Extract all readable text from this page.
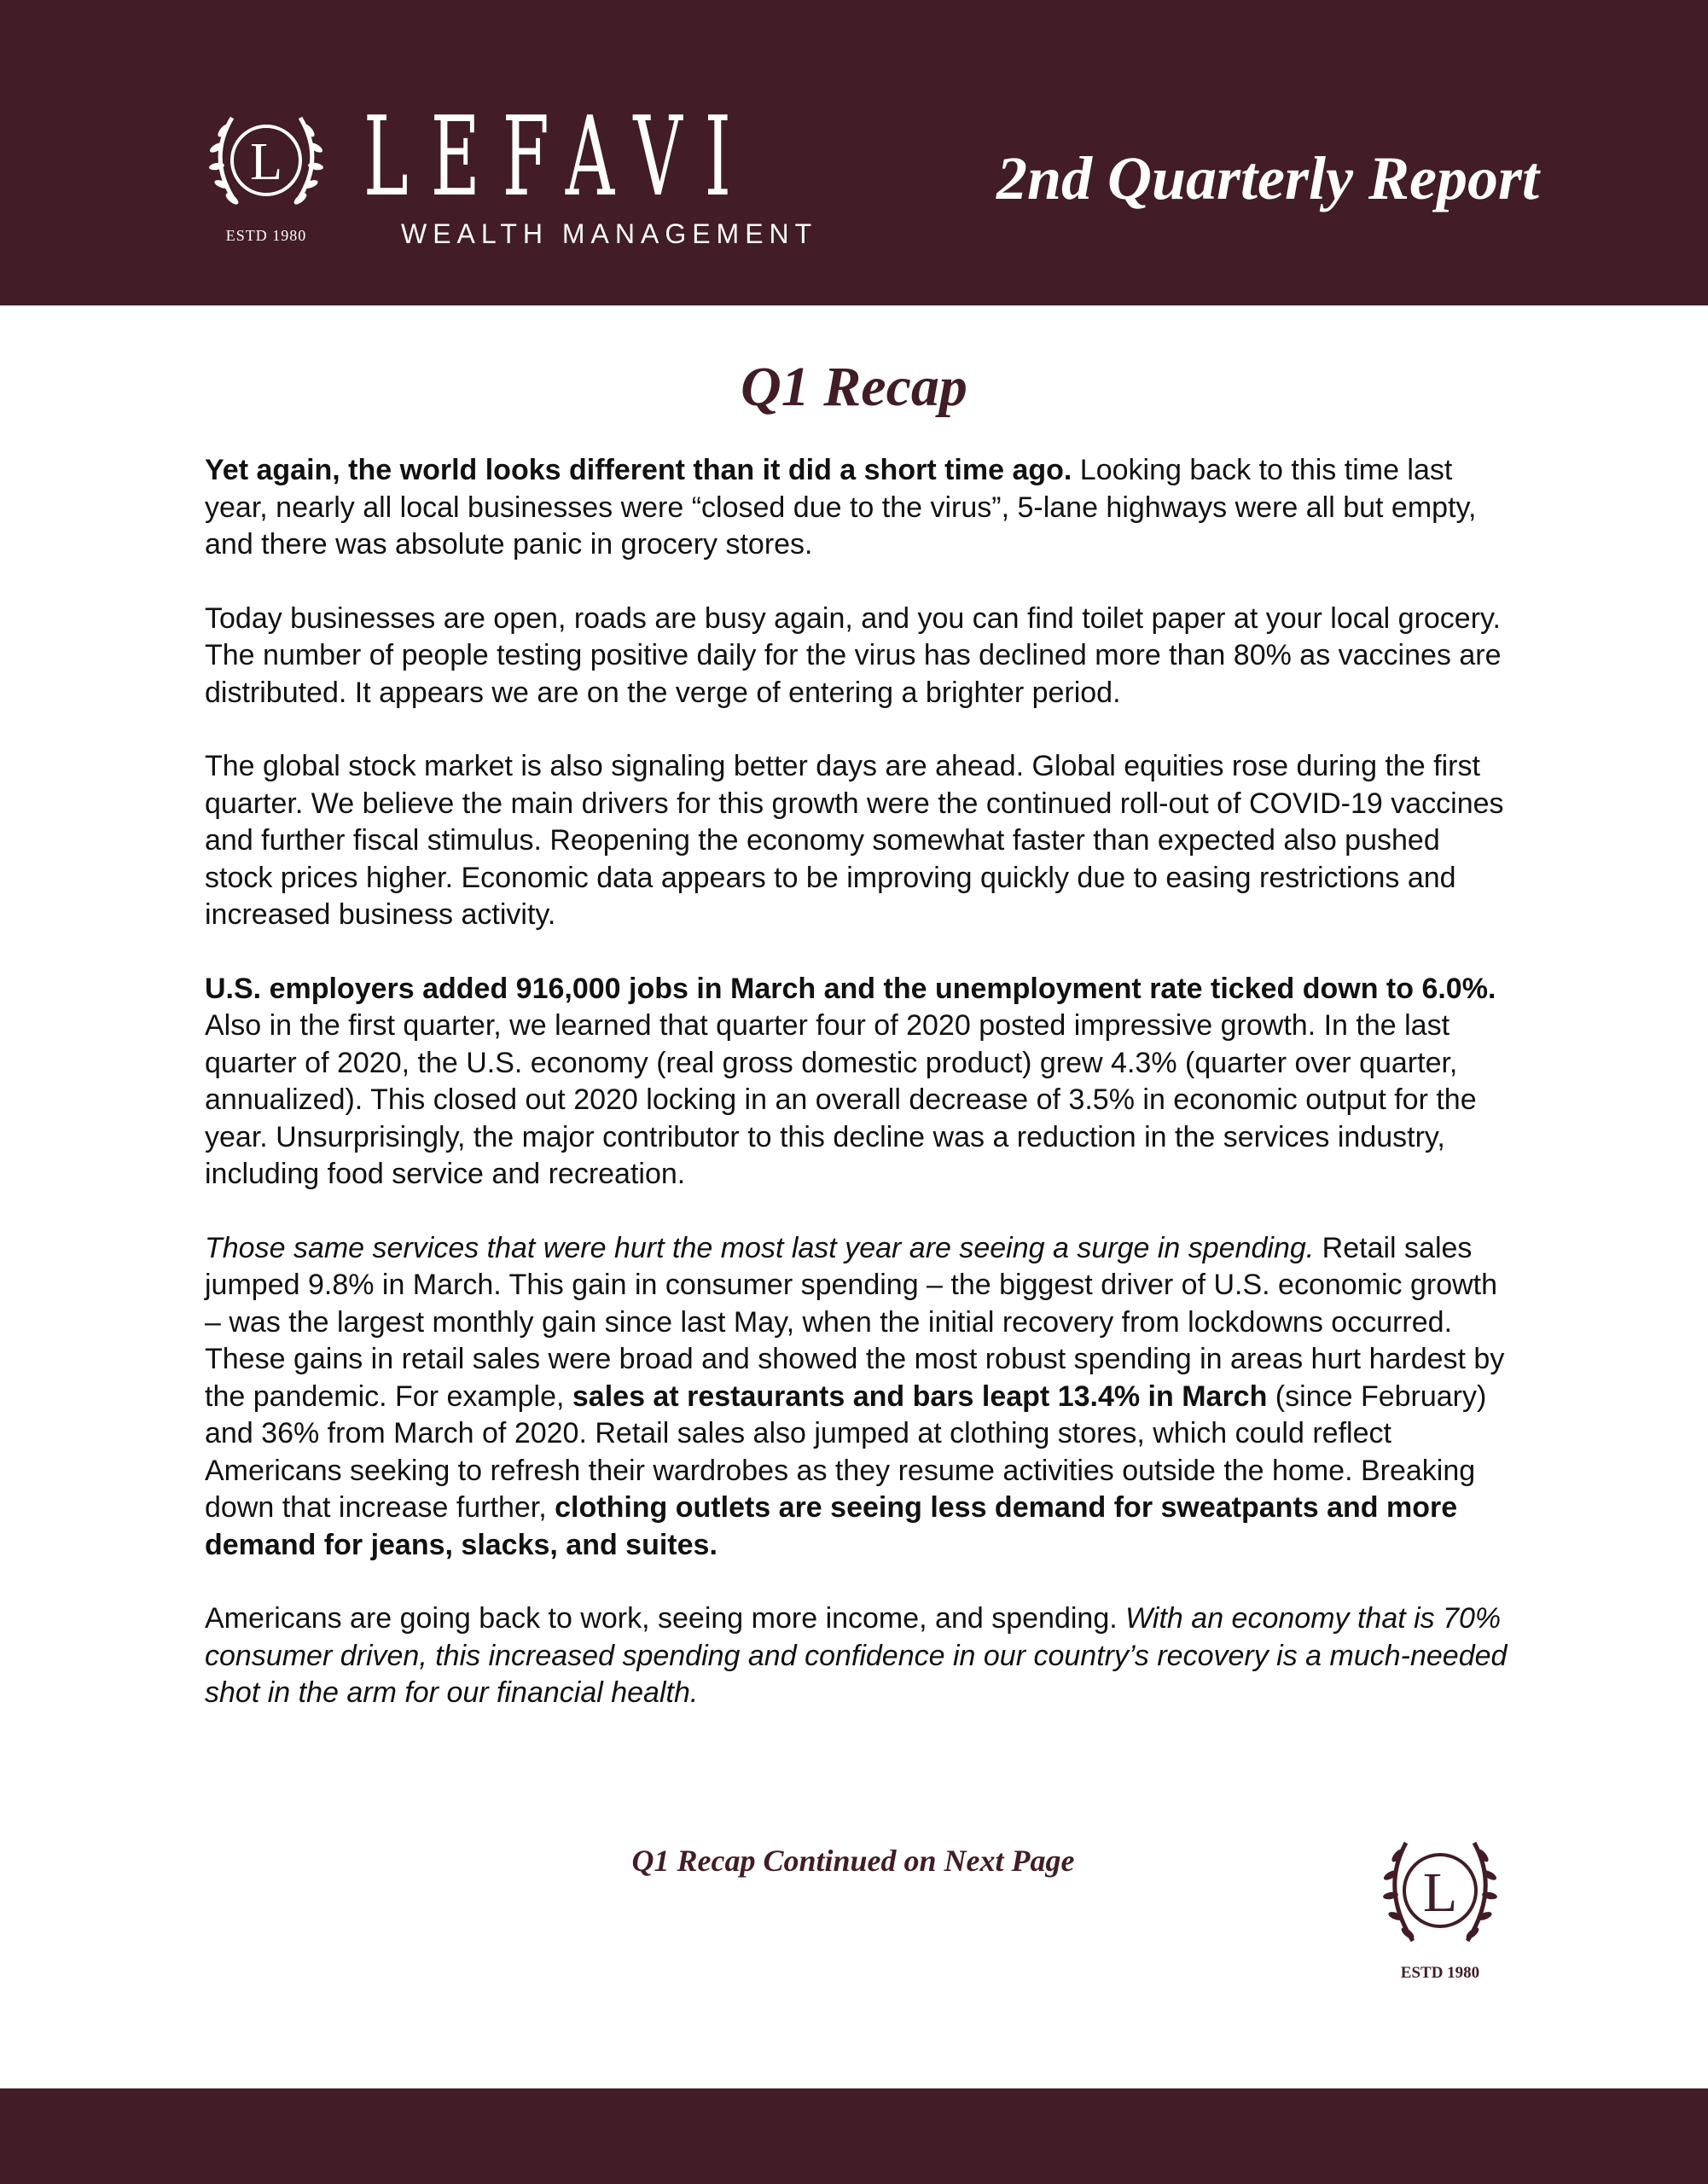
L
ESTD 1980
LEFAVI
WEALTH MANAGEMENT
2nd Quarterly Report
Q1 Recap

Yet again, the world looks different than it did a short time ago. Looking back to this time last year, nearly all local businesses were “closed due to the virus”, 5-lane highways were all but empty, and there was absolute panic in grocery stores.

Today businesses are open, roads are busy again, and you can find toilet paper at your local grocery. The number of people testing positive daily for the virus has declined more than 80% as vaccines are distributed. It appears we are on the verge of entering a brighter period.

The global stock market is also signaling better days are ahead. Global equities rose during the first quarter. We believe the main drivers for this growth were the continued roll-out of COVID-19 vaccines and further fiscal stimulus. Reopening the economy somewhat faster than expected also pushed stock prices higher. Economic data appears to be improving quickly due to easing restrictions and increased business activity.

U.S. employers added 916,000 jobs in March and the unemployment rate ticked down to 6.0%. Also in the first quarter, we learned that quarter four of 2020 posted impressive growth. In the last quarter of 2020, the U.S. economy (real gross domestic product) grew 4.3% (quarter over quarter, annualized). This closed out 2020 locking in an overall decrease of 3.5% in economic output for the year. Unsurprisingly, the major contributor to this decline was a reduction in the services industry, including food service and recreation.

Those same services that were hurt the most last year are seeing a surge in spending. Retail sales jumped 9.8% in March. This gain in consumer spending – the biggest driver of U.S. economic growth – was the largest monthly gain since last May, when the initial recovery from lockdowns occurred. These gains in retail sales were broad and showed the most robust spending in areas hurt hardest by the pandemic. For example, sales at restaurants and bars leapt 13.4% in March (since February) and 36% from March of 2020. Retail sales also jumped at clothing stores, which could reflect Americans seeking to refresh their wardrobes as they resume activities outside the home. Breaking down that increase further, clothing outlets are seeing less demand for sweatpants and more demand for jeans, slacks, and suites.

Americans are going back to work, seeing more income, and spending. With an economy that is 70% consumer driven, this increased spending and confidence in our country’s recovery is a much-needed shot in the arm for our financial health.

Q1 Recap Continued on Next Page
L
ESTD 1980
